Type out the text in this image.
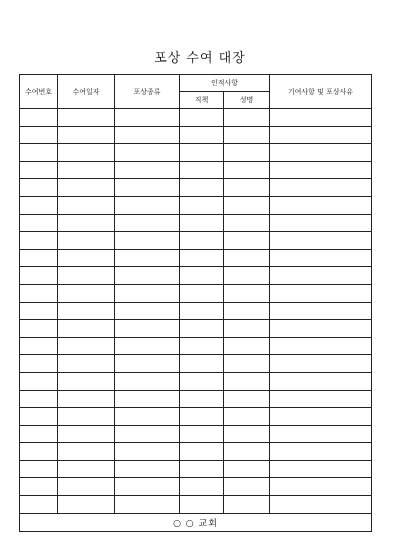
포상 수여 대장
수여번호	수여일자	포상종류	인적사항		기여사항 및 포상사유
			직책	성명	

○ ○ 교회					
